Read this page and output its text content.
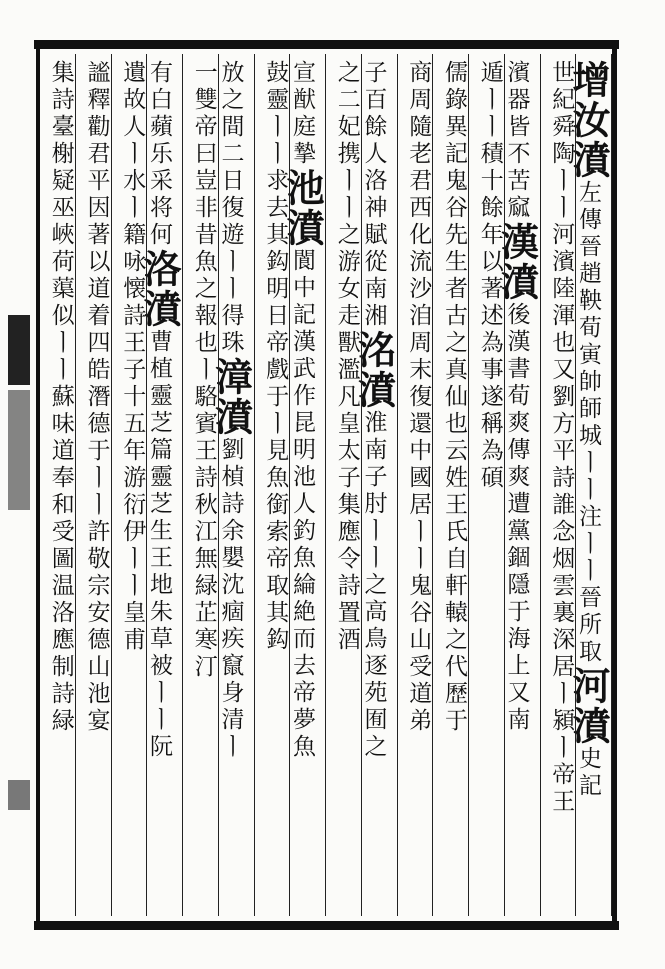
增汝濆左傳晉趙鞅荀寅帥師城ㅣㅣ注ㅣㅣ晉所取河濆史記
世紀舜陶ㅣㅣ河濱陸渾也又劉方平詩誰念烟雲裏深居ㅣ潁ㅣ帝王
濱器皆不苦窳漢濆後漢書荀爽傳爽遭黨錮隱于海上又南
遁ㅣㅣ積十餘年以著述為事遂稱為碩
儒錄異記鬼谷先生者古之真仙也云姓王氏自軒轅之代歷于
商周隨老君西化流沙洎周末復還中國居ㅣㅣ鬼谷山受道弟
子百餘人洛神賦從南湘洺濆淮南子肘ㅣㅣ之高鳥逐苑囿之
之二妃携ㅣㅣ之游女走獸濫凡皇太子集應令詩置酒
宣猷庭摯池濆閬中記漢武作昆明池人釣魚綸絶而去帝夢魚
鼓靈ㅣㅣ求去其鈎明日帝戲于ㅣ見魚銜索帝取其鈎
放之間二日復遊ㅣㅣ得珠漳濆劉楨詩余嬰沈痼疾竄身清ㅣ
一雙帝曰豈非昔魚之報也ㅣ駱賓王詩秋江無緑芷寒汀
有白蘋乐采将何洛濆曹植靈芝篇靈芝生王地朱草被ㅣㅣ阮
遺故人ㅣ水ㅣ籍咏懐詩王子十五年游衍伊ㅣㅣ皇甫
謐釋勸君平因著以道着四皓潛德于ㅣㅣ許敬宗安德山池宴
集詩臺榭疑巫峽荷蕖似ㅣㅣ蘇味道奉和受圖温洛應制詩緑
